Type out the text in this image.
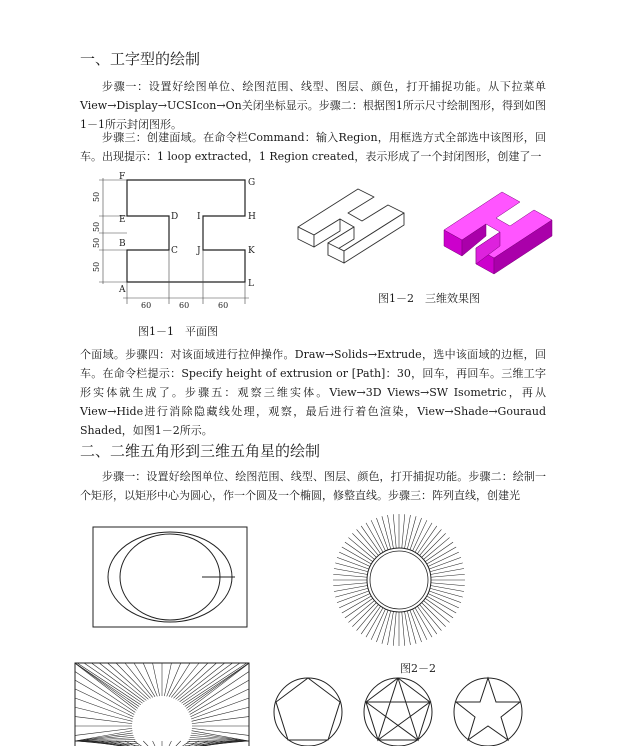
一、工字型的绘制

步骤一：设置好绘图单位、绘图范围、线型、图层、颜色，打开捕捉功能。从下拉菜单View→Display→UCSIcon→On关闭坐标显示。步骤二：根据图1所示尺寸绘制图形，得到如图1－1所示封闭图形。

步骤三：创建面域。在命令栏Command：输入Region，用框选方式全部选中该图形，回车。出现提示：1 loop extracted，1 Region created，表示形成了一个封闭图形，创建了一

F
G
E	D I	H
B
C J	K
A
L
50
50
50
50
60	60	60
图1－1　平面图
图1－2　三维效果图

个面域。步骤四：对该面域进行拉伸操作。Draw→Solids→Extrude，选中该面域的边框，回车。在命令栏提示：Specify height of extrusion or [Path]：30，回车，再回车。三维工字形实体就生成了。步骤五：观察三维实体。View→3D Views→SW Isometric，再从View→Hide进行消除隐藏线处理，观察，最后进行着色渲染，View→Shade→Gouraud Shaded，如图1－2所示。

二、二维五角形到三维五角星的绘制

步骤一：设置好绘图单位、绘图范围、线型、图层、颜色，打开捕捉功能。步骤二：绘制一个矩形，以矩形中心为圆心，作一个圆及一个椭圆，修整直线。步骤三：阵列直线，创建光

图2－2
